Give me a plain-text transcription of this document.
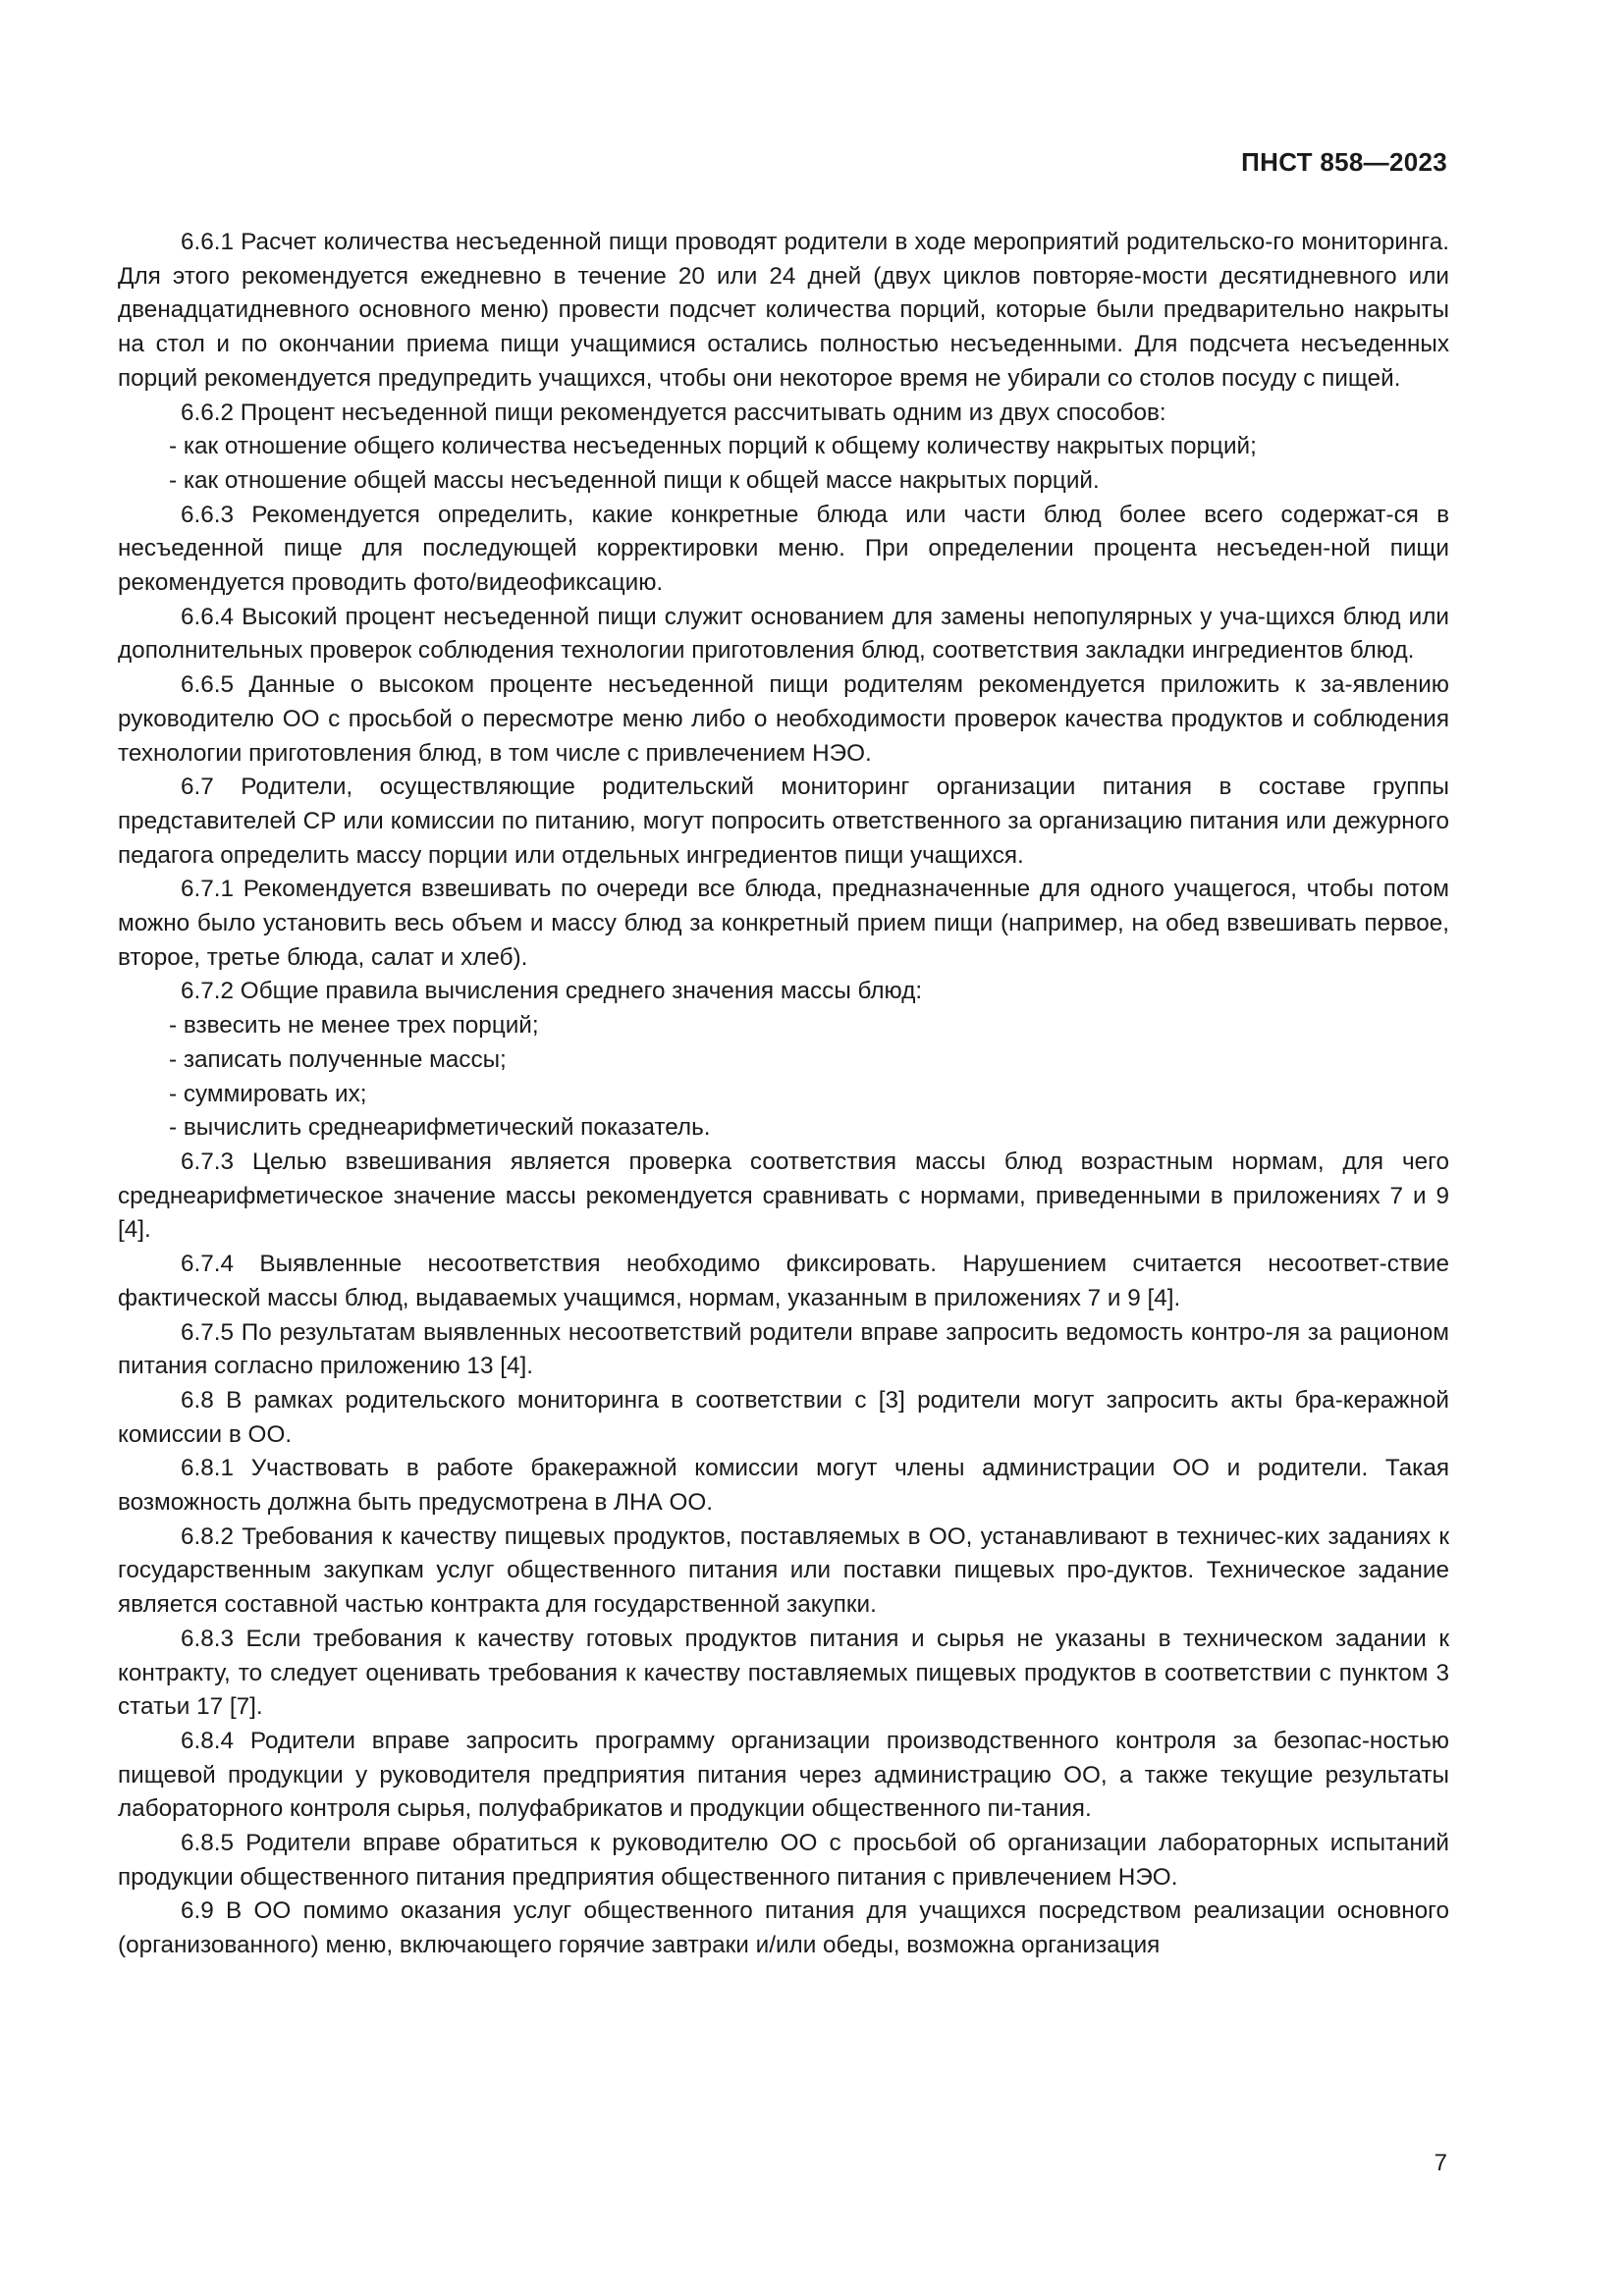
ПНСТ 858—2023

6.6.1 Расчет количества несъеденной пищи проводят родители в ходе мероприятий родительско-го мониторинга. Для этого рекомендуется ежедневно в течение 20 или 24 дней (двух циклов повторяе-мости десятидневного или двенадцатидневного основного меню) провести подсчет количества порций, которые были предварительно накрыты на стол и по окончании приема пищи учащимися остались полностью несъеденными. Для подсчета несъеденных порций рекомендуется предупредить учащихся, чтобы они некоторое время не убирали со столов посуду с пищей.

6.6.2 Процент несъеденной пищи рекомендуется рассчитывать одним из двух способов:

- как отношение общего количества несъеденных порций к общему количеству накрытых порций;

- как отношение общей массы несъеденной пищи к общей массе накрытых порций.

6.6.3 Рекомендуется определить, какие конкретные блюда или части блюд более всего содержат-ся в несъеденной пище для последующей корректировки меню. При определении процента несъеден-ной пищи рекомендуется проводить фото/видеофиксацию.

6.6.4 Высокий процент несъеденной пищи служит основанием для замены непопулярных у уча-щихся блюд или дополнительных проверок соблюдения технологии приготовления блюд, соответствия закладки ингредиентов блюд.

6.6.5 Данные о высоком проценте несъеденной пищи родителям рекомендуется приложить к за-явлению руководителю ОО с просьбой о пересмотре меню либо о необходимости проверок качества продуктов и соблюдения технологии приготовления блюд, в том числе с привлечением НЭО.

6.7 Родители, осуществляющие родительский мониторинг организации питания в составе группы представителей СР или комиссии по питанию, могут попросить ответственного за организацию питания или дежурного педагога определить массу порции или отдельных ингредиентов пищи учащихся.

6.7.1 Рекомендуется взвешивать по очереди все блюда, предназначенные для одного учащегося, чтобы потом можно было установить весь объем и массу блюд за конкретный прием пищи (например, на обед взвешивать первое, второе, третье блюда, салат и хлеб).

6.7.2 Общие правила вычисления среднего значения массы блюд:

- взвесить не менее трех порций;

- записать полученные массы;

- суммировать их;

- вычислить среднеарифметический показатель.

6.7.3 Целью взвешивания является проверка соответствия массы блюд возрастным нормам, для чего среднеарифметическое значение массы рекомендуется сравнивать с нормами, приведенными в приложениях 7 и 9 [4].

6.7.4 Выявленные несоответствия необходимо фиксировать. Нарушением считается несоответ-ствие фактической массы блюд, выдаваемых учащимся, нормам, указанным в приложениях 7 и 9 [4].

6.7.5 По результатам выявленных несоответствий родители вправе запросить ведомость контро-ля за рационом питания согласно приложению 13 [4].

6.8 В рамках родительского мониторинга в соответствии с [3] родители могут запросить акты бра-керажной комиссии в ОО.

6.8.1 Участвовать в работе бракеражной комиссии могут члены администрации ОО и родители. Такая возможность должна быть предусмотрена в ЛНА ОО.

6.8.2 Требования к качеству пищевых продуктов, поставляемых в ОО, устанавливают в техничес-ких заданиях к государственным закупкам услуг общественного питания или поставки пищевых про-дуктов. Техническое задание является составной частью контракта для государственной закупки.

6.8.3 Если требования к качеству готовых продуктов питания и сырья не указаны в техническом задании к контракту, то следует оценивать требования к качеству поставляемых пищевых продуктов в соответствии с пунктом 3 статьи 17 [7].

6.8.4 Родители вправе запросить программу организации производственного контроля за безопас-ностью пищевой продукции у руководителя предприятия питания через администрацию ОО, а также текущие результаты лабораторного контроля сырья, полуфабрикатов и продукции общественного пи-тания.

6.8.5 Родители вправе обратиться к руководителю ОО с просьбой об организации лабораторных испытаний продукции общественного питания предприятия общественного питания с привлечением НЭО.

6.9 В ОО помимо оказания услуг общественного питания для учащихся посредством реализации основного (организованного) меню, включающего горячие завтраки и/или обеды, возможна организация

7
